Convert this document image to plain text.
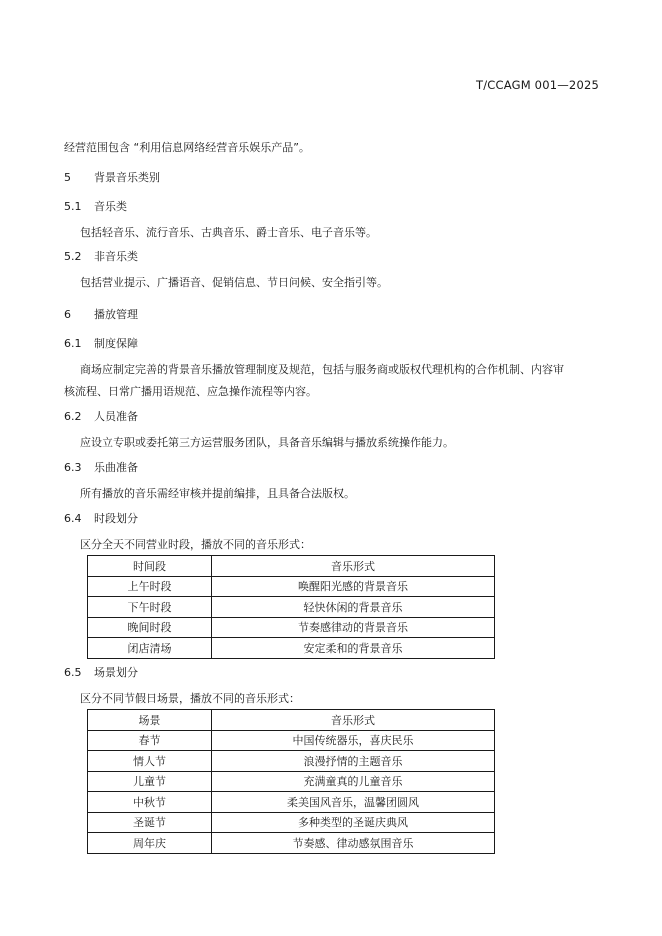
T/CCAGM 001—2025

经营范围包含 “利用信息网络经营音乐娱乐产品”。

5 背景音乐类别
5.1 音乐类

包括轻音乐、流行音乐、古典音乐、爵士音乐、电子音乐等。

5.2 非音乐类

包括营业提示、广播语音、促销信息、节日问候、安全指引等。

6 播放管理
6.1 制度保障

商场应制定完善的背景音乐播放管理制度及规范，包括与服务商或版权代理机构的合作机制、内容审

核流程、日常广播用语规范、应急操作流程等内容。

6.2 人员准备

应设立专职或委托第三方运营服务团队，具备音乐编辑与播放系统操作能力。

6.3 乐曲准备

所有播放的音乐需经审核并提前编排，且具备合法版权。

6.4 时段划分

区分全天不同营业时段，播放不同的音乐形式：

时间段	音乐形式
上午时段	唤醒阳光感的背景音乐
下午时段	轻快休闲的背景音乐
晚间时段	节奏感律动的背景音乐
闭店清场	安定柔和的背景音乐
6.5 场景划分

区分不同节假日场景，播放不同的音乐形式：

场景	音乐形式
春节	中国传统器乐，喜庆民乐
情人节	浪漫抒情的主题音乐
儿童节	充满童真的儿童音乐
中秋节	柔美国风音乐，温馨团圆风
圣诞节	多种类型的圣诞庆典风
周年庆	节奏感、律动感氛围音乐
